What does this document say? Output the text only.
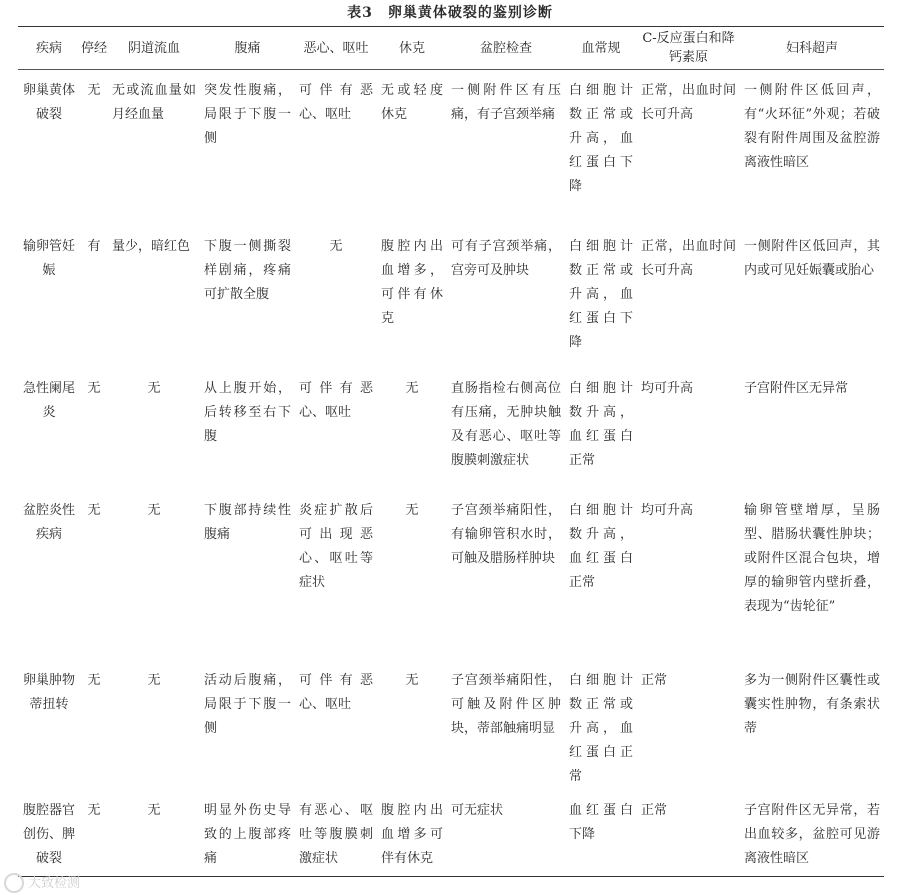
表3　卵巢黄体破裂的鉴别诊断
疾病	停经	阴道流血	腹痛	恶心、呕吐	休克	盆腔检查	血常规	C-反应蛋白和降钙素原	妇科超声

卵巢黄体破裂	无	无或流血量如月经血量	突发性腹痛，局限于下腹一侧	可伴有恶心、呕吐	无或轻度休克	一侧附件区有压痛，有子宫颈举痛	白细胞计数正常或升高，血红蛋白下降	正常，出血时间长可升高	一侧附件区低回声，有“火环征”外观；若破裂有附件周围及盆腔游离液性暗区

输卵管妊娠	有	量少，暗红色	下腹一侧撕裂样剧痛，疼痛可扩散全腹	无	腹腔内出血增多，可伴有休克	可有子宫颈举痛，宫旁可及肿块	白细胞计数正常或升高，血红蛋白下降	正常，出血时间长可升高	一侧附件区低回声，其内或可见妊娠囊或胎心

急性阑尾炎	无	无	从上腹开始，后转移至右下腹	可伴有恶心、呕吐	无	直肠指检右侧高位有压痛，无肿块触及有恶心、呕吐等腹膜刺激症状	白细胞计数升高，血红蛋白正常	均可升高	子宫附件区无异常

盆腔炎性疾病	无	无	下腹部持续性腹痛	炎症扩散后可出现恶心、呕吐等症状	无	子宫颈举痛阳性，有输卵管积水时，可触及腊肠样肿块	白细胞计数升高，血红蛋白正常	均可升高	输卵管壁增厚，呈肠型、腊肠状囊性肿块；或附件区混合包块，增厚的输卵管内壁折叠，表现为“齿轮征”

卵巢肿物蒂扭转	无	无	活动后腹痛，局限于下腹一侧	可伴有恶心、呕吐	无	子宫颈举痛阳性，可触及附件区肿块，蒂部触痛明显	白细胞计数正常或升高，血红蛋白正常	正常	多为一侧附件区囊性或囊实性肿物，有条索状蒂

腹腔器官创伤、脾破裂	无	无	明显外伤史导致的上腹部疼痛	有恶心、呕吐等腹膜刺激症状	腹腔内出血增多可伴有休克	可无症状	血红蛋白下降	正常	子宫附件区无异常，若出血较多，盆腔可见游离液性暗区
大致检测
